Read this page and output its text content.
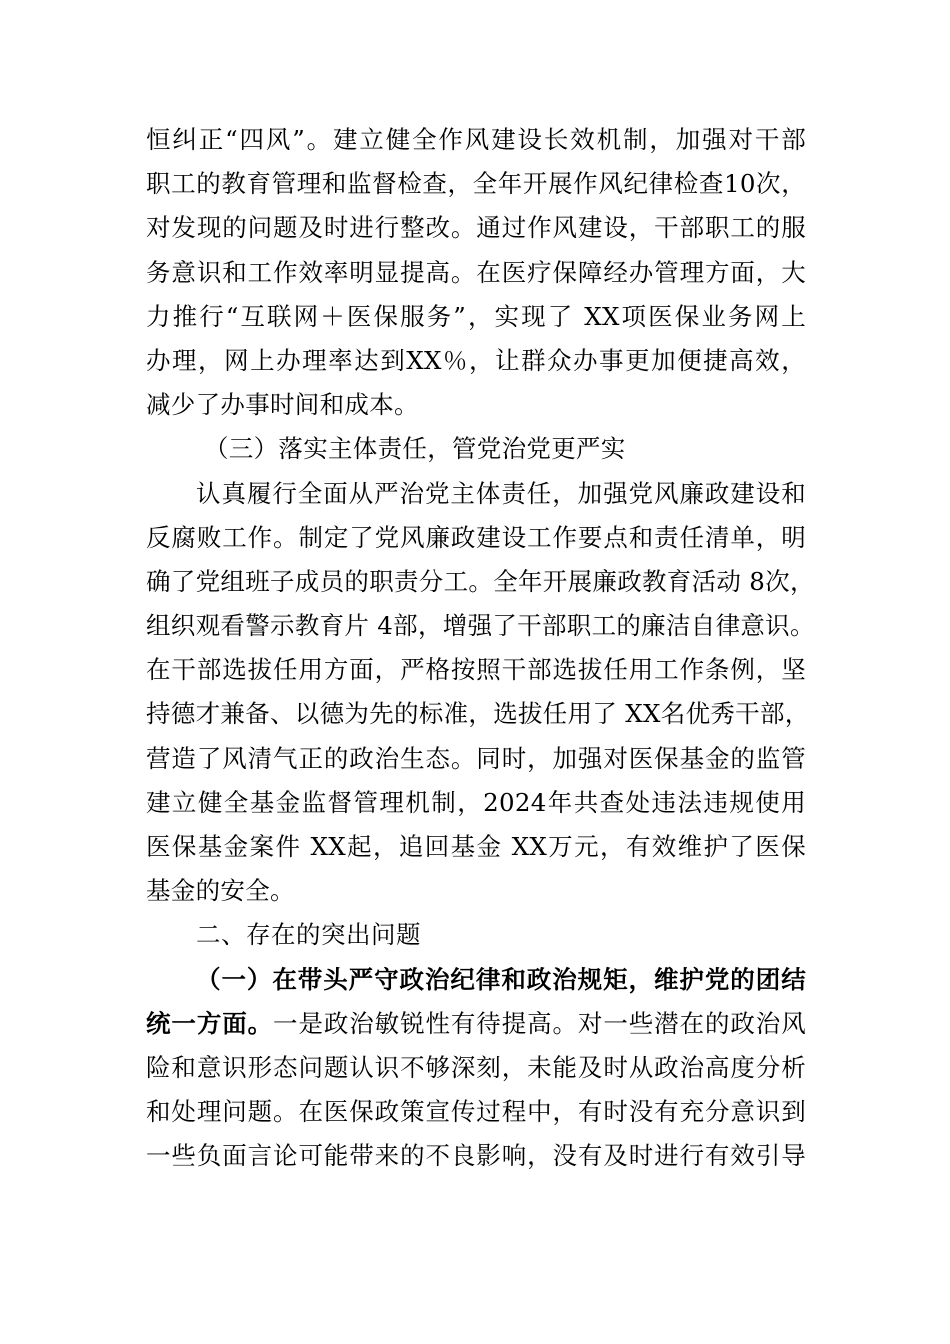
恒纠正“四风”。建立健全作风建设长效机制，加强对干部
职工的教育管理和监督检查，全年开展作风纪律检查10次，
对发现的问题及时进行整改。通过作风建设，干部职工的服
务意识和工作效率明显提高。在医疗保障经办管理方面，大
力推行“互联网＋医保服务”，实现了 XX项医保业务网上
办理，网上办理率达到XX％，让群众办事更加便捷高效，
减少了办事时间和成本。
（三）落实主体责任，管党治党更严实
认真履行全面从严治党主体责任，加强党风廉政建设和
反腐败工作。制定了党风廉政建设工作要点和责任清单，明
确了党组班子成员的职责分工。全年开展廉政教育活动 8次，
组织观看警示教育片 4部，增强了干部职工的廉洁自律意识。
在干部选拔任用方面，严格按照干部选拔任用工作条例，坚
持德才兼备、以德为先的标准，选拔任用了 XX名优秀干部，
营造了风清气正的政治生态。同时，加强对医保基金的监管
建立健全基金监督管理机制，2024年共查处违法违规使用
医保基金案件 XX起，追回基金 XX万元，有效维护了医保
基金的安全。
二、存在的突出问题
（一）在带头严守政治纪律和政治规矩，维护党的团结
统一方面。一是政治敏锐性有待提高。对一些潜在的政治风
险和意识形态问题认识不够深刻，未能及时从政治高度分析
和处理问题。在医保政策宣传过程中，有时没有充分意识到
一些负面言论可能带来的不良影响，没有及时进行有效引导
